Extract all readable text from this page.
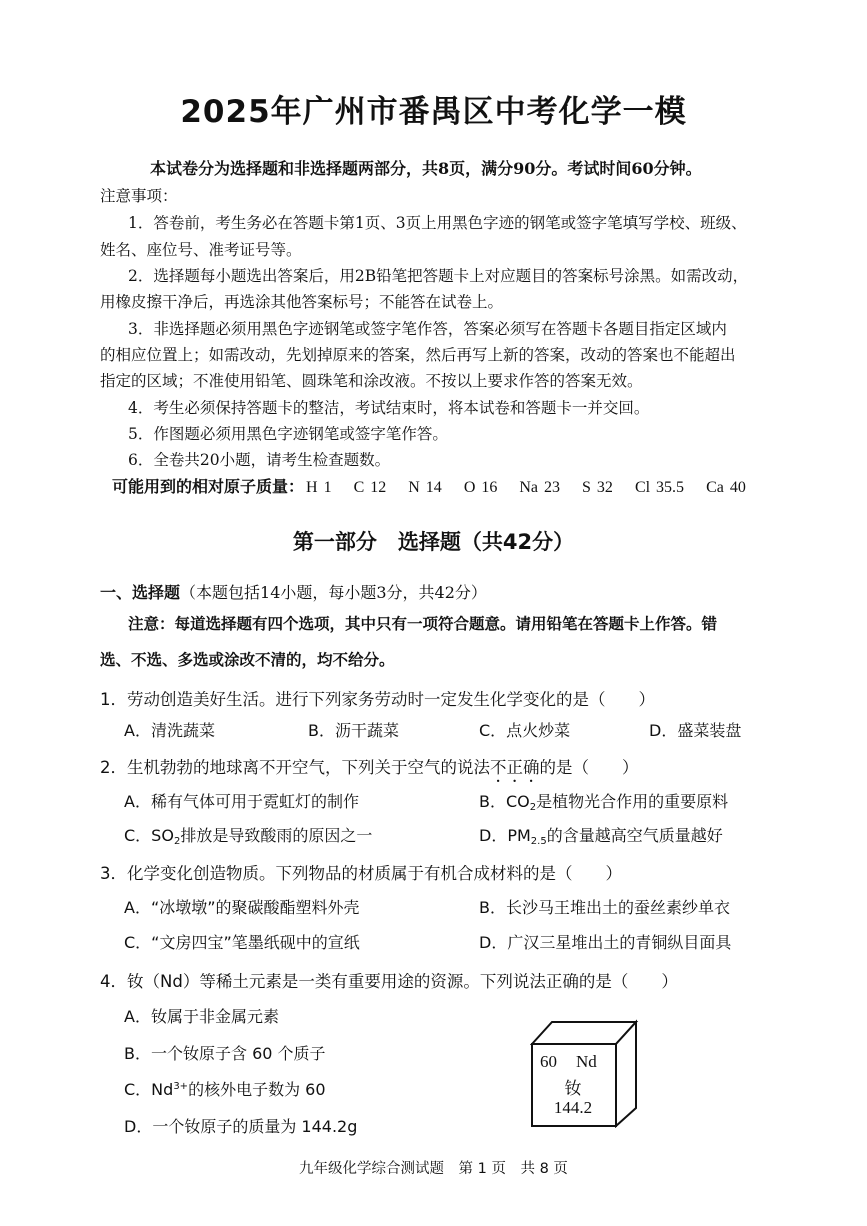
2025年广州市番禺区中考化学一模
本试卷分为选择题和非选择题两部分，共8页，满分90分。考试时间60分钟。
注意事项：
1．答卷前，考生务必在答题卡第1页、3页上用黑色字迹的钢笔或签字笔填写学校、班级、
姓名、座位号、准考证号等。
2．选择题每小题选出答案后，用2B铅笔把答题卡上对应题目的答案标号涂黑。如需改动，
用橡皮擦干净后，再选涂其他答案标号；不能答在试卷上。
3．非选择题必须用黑色字迹钢笔或签字笔作答，答案必须写在答题卡各题目指定区域内
的相应位置上；如需改动，先划掉原来的答案，然后再写上新的答案，改动的答案也不能超出
指定的区域；不准使用铅笔、圆珠笔和涂改液。不按以上要求作答的答案无效。
4．考生必须保持答题卡的整洁，考试结束时，将本试卷和答题卡一并交回。
5．作图题必须用黑色字迹钢笔或签字笔作答。
6．全卷共20小题，请考生检查题数。
可能用到的相对原子质量： H 1 C 12 N 14 O 16 Na 23 S 32 Cl 35.5 Ca 40
第一部分　选择题（共42分）
一、选择题（本题包括14小题，每小题3分，共42分）
注意：每道选择题有四个选项，其中只有一项符合题意。请用铅笔在答题卡上作答。错
选、不选、多选或涂改不清的，均不给分。
1．劳动创造美好生活。进行下列家务劳动时一定发生化学变化的是（　　）
A．清洗蔬菜	B．沥干蔬菜	C．点火炒菜	D．盛菜装盘
2．生机勃勃的地球离不开空气，下列关于空气的说法不正确的是（　　）
A．稀有气体可用于霓虹灯的制作	B．$CO_2$是植物光合作用的重要原料
C．$SO_2$排放是导致酸雨的原因之一	D．$PM_{2.5}$的含量越高空气质量越好
3．化学变化创造物质。下列物品的材质属于有机合成材料的是（　　）
A．“冰墩墩”的聚碳酸酯塑料外壳	B．长沙马王堆出土的蚕丝素纱单衣
C．“文房四宝”笔墨纸砚中的宣纸	D．广汉三星堆出土的青铜纵目面具
4．钕（Nd）等稀土元素是一类有重要用途的资源。下列说法正确的是（　　）
A．钕属于非金属元素
B．一个钕原子含 60 个质子
C．$Nd^{3+}$的核外电子数为 60
D．一个钕原子的质量为 144.2g
60 Nd
钕
144.2
九年级化学综合测试题　第 1 页　共 8 页
